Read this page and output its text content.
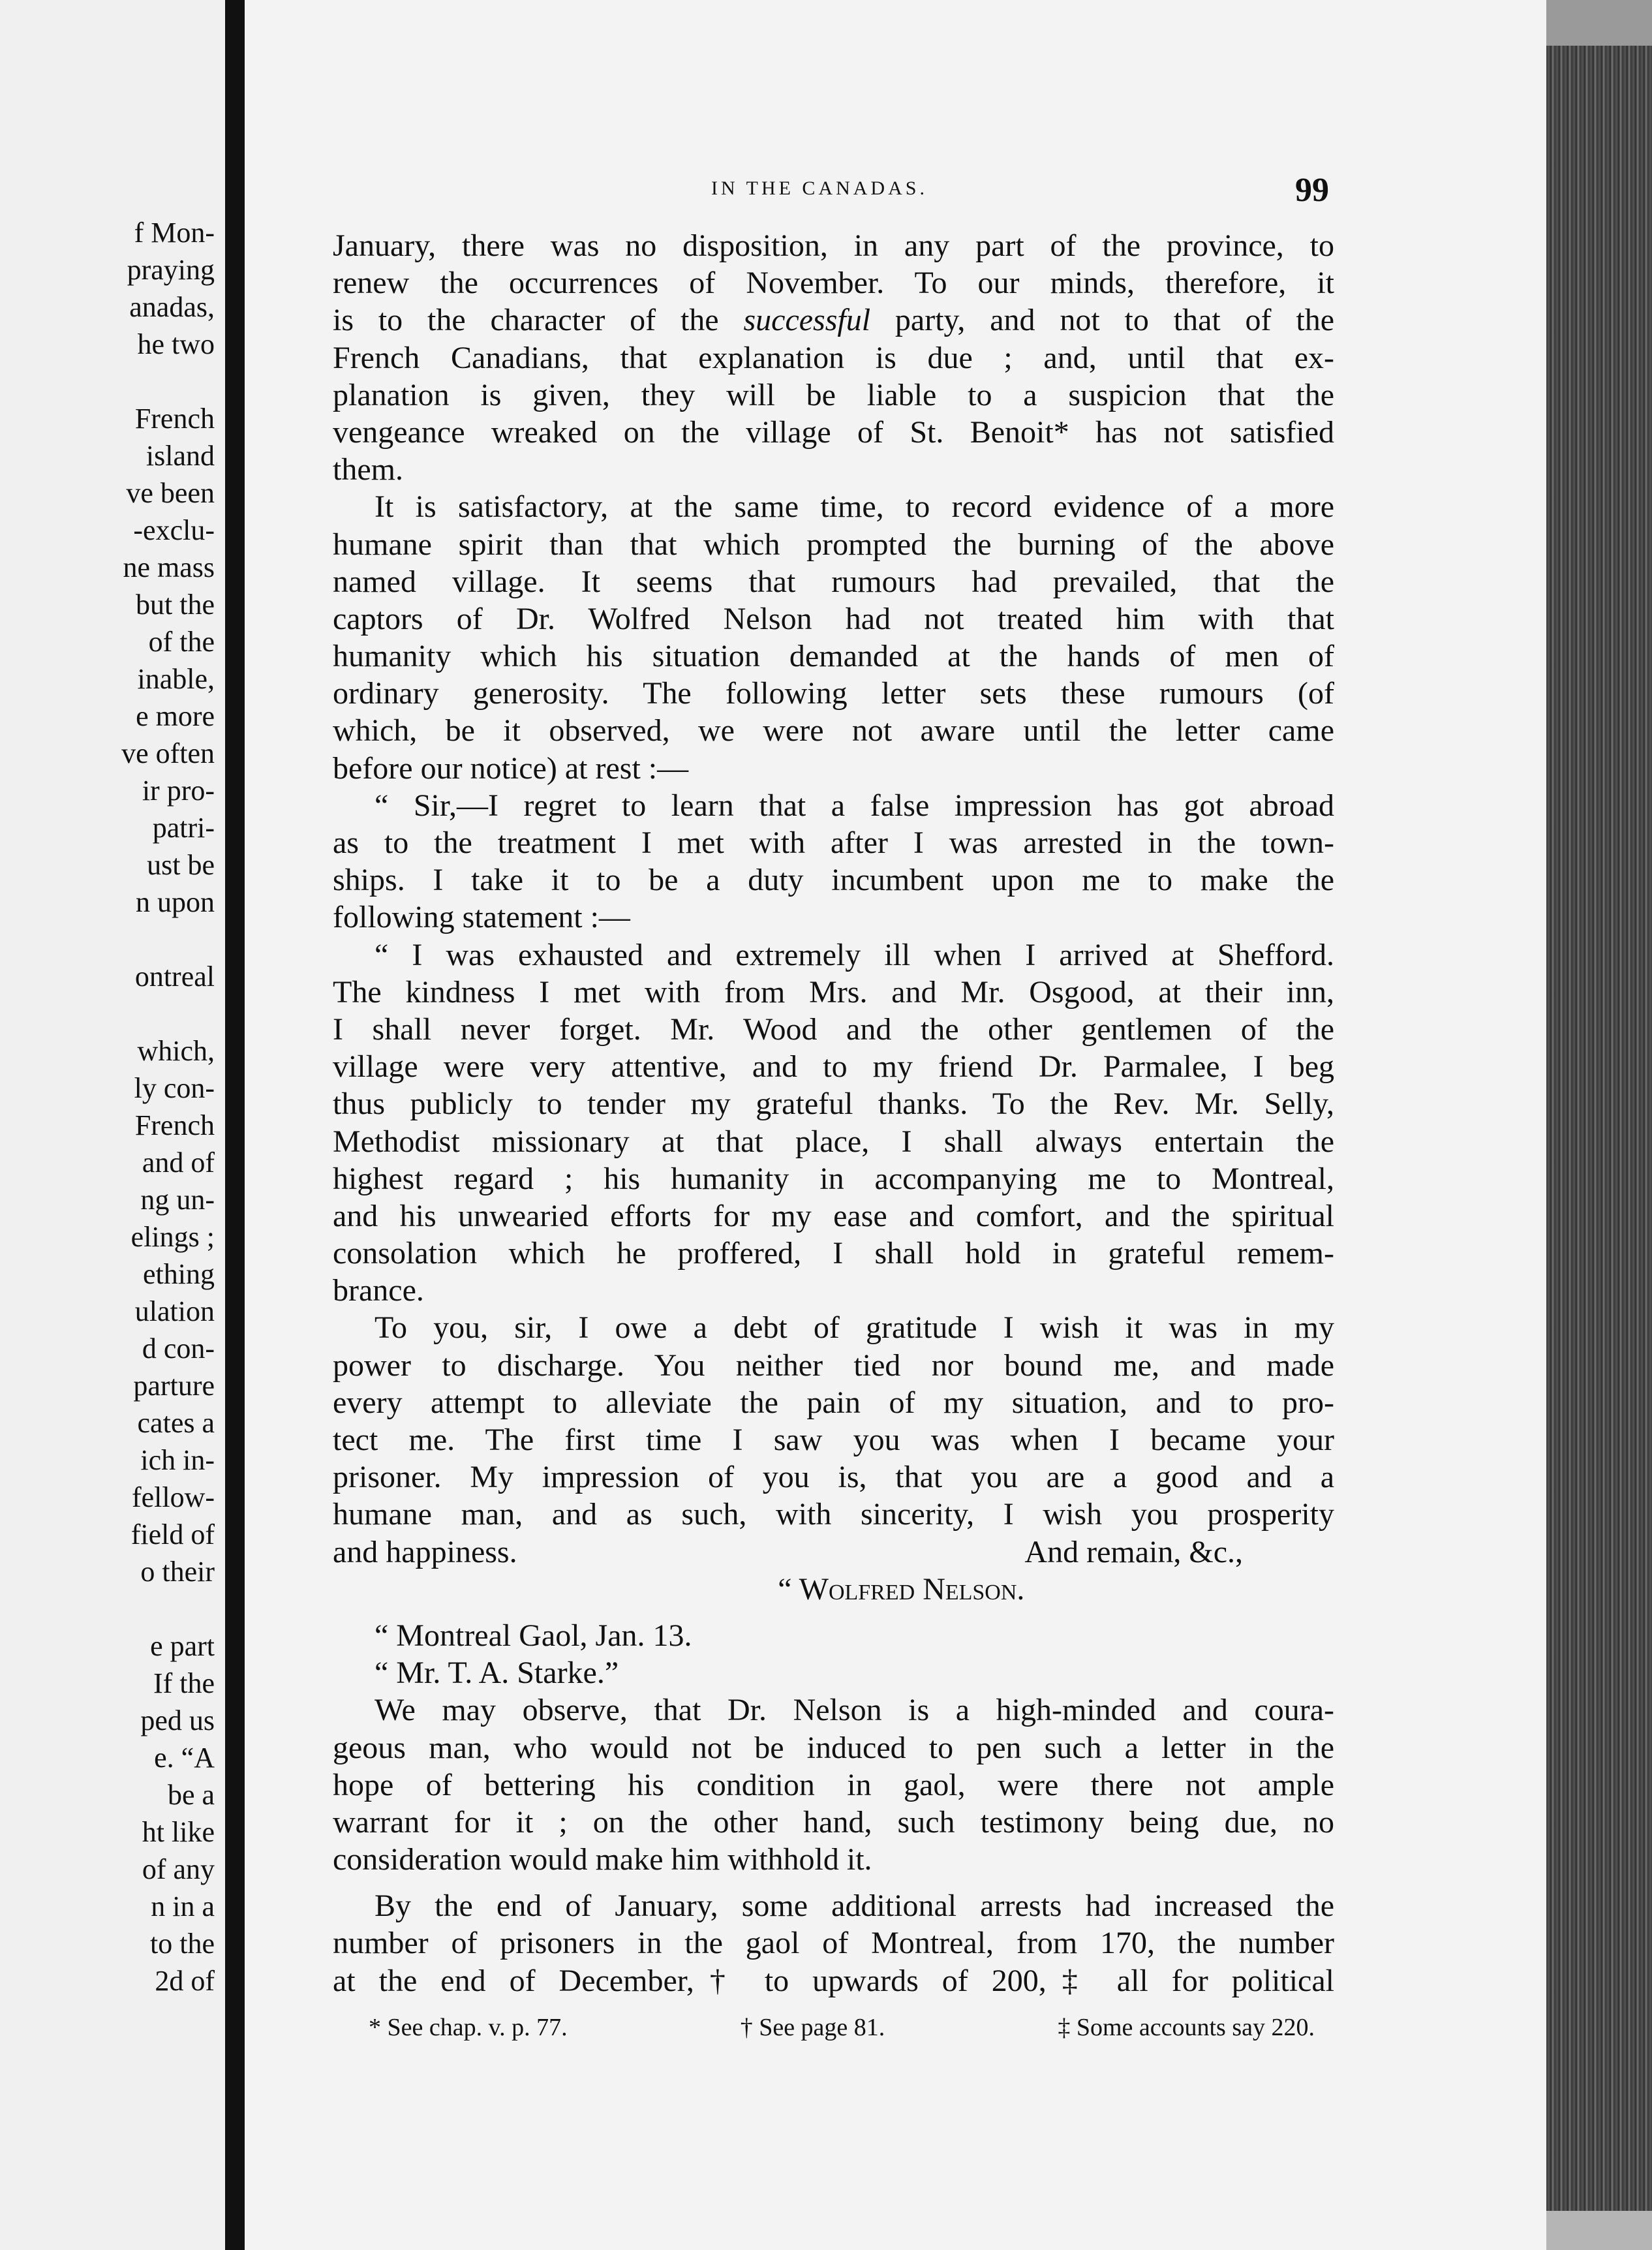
f Mon-
praying
anadas,
he two
French
island
ve been
-exclu-
ne mass
but the
of the
inable,
e more
ve often
ir pro-
patri-
ust be
n upon
ontreal
which,
ly con-
French
and of
ng un-
elings ;
ething
ulation
d con-
parture
cates a
ich in-
fellow-
field of
o their
e part
If the
ped us
e. “A
be a
ht like
of any
n in a
to the
2d of
IN THE CANADAS.	99
January, there was no disposition, in any part of the province, to
renew the occurrences of November. To our minds, therefore, it
is to the character of the successful party, and not to that of the
French Canadians, that explanation is due ; and, until that ex-
planation is given, they will be liable to a suspicion that the
vengeance wreaked on the village of St. Benoit* has not satisfied
them.
It is satisfactory, at the same time, to record evidence of a more
humane spirit than that which prompted the burning of the above
named village. It seems that rumours had prevailed, that the
captors of Dr. Wolfred Nelson had not treated him with that
humanity which his situation demanded at the hands of men of
ordinary generosity. The following letter sets these rumours (of
which, be it observed, we were not aware until the letter came
before our notice) at rest :—
“ Sir,—I regret to learn that a false impression has got abroad
as to the treatment I met with after I was arrested in the town-
ships. I take it to be a duty incumbent upon me to make the
following statement :—
“ I was exhausted and extremely ill when I arrived at Shefford.
The kindness I met with from Mrs. and Mr. Osgood, at their inn,
I shall never forget. Mr. Wood and the other gentlemen of the
village were very attentive, and to my friend Dr. Parmalee, I beg
thus publicly to tender my grateful thanks. To the Rev. Mr. Selly,
Methodist missionary at that place, I shall always entertain the
highest regard ; his humanity in accompanying me to Montreal,
and his unwearied efforts for my ease and comfort, and the spiritual
consolation which he proffered, I shall hold in grateful remem-
brance.
To you, sir, I owe a debt of gratitude I wish it was in my
power to discharge. You neither tied nor bound me, and made
every attempt to alleviate the pain of my situation, and to pro-
tect me. The first time I saw you was when I became your
prisoner. My impression of you is, that you are a good and a
humane man, and as such, with sincerity, I wish you prosperity
and happiness.	And remain, &c.,
“ Wolfred Nelson.
“ Montreal Gaol, Jan. 13.
“ Mr. T. A. Starke.”
We may observe, that Dr. Nelson is a high-minded and coura-
geous man, who would not be induced to pen such a letter in the
hope of bettering his condition in gaol, were there not ample
warrant for it ; on the other hand, such testimony being due, no
consideration would make him withhold it.
By the end of January, some additional arrests had increased the
number of prisoners in the gaol of Montreal, from 170, the number
at the end of December,† to upwards of 200,‡ all for political
* See chap. v. p. 77.	† See page 81.	‡ Some accounts say 220.
